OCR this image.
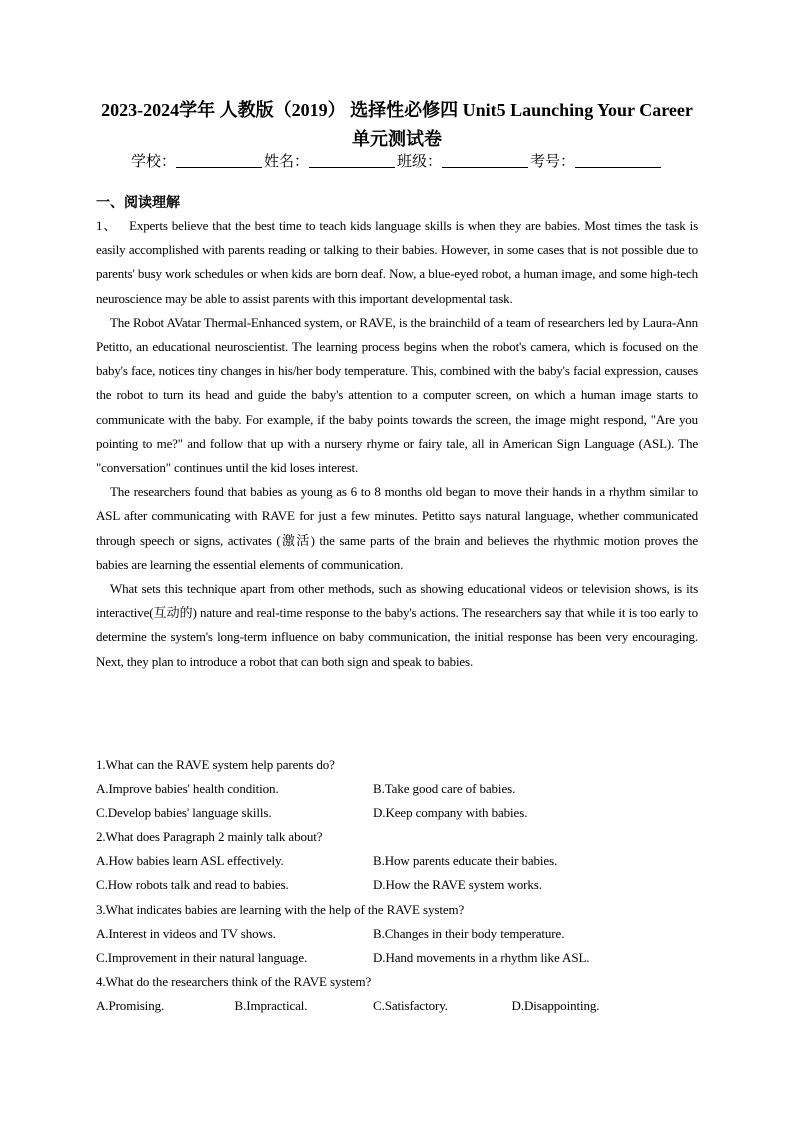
2023-2024学年 人教版（2019） 选择性必修四 Unit5 Launching Your Career 单元测试卷
学校：	姓名：	班级：	考号：
一、阅读理解

1、 Experts believe that the best time to teach kids language skills is when they are babies. Most times the task is easily accomplished with parents reading or talking to their babies. However, in some cases that is not possible due to parents' busy work schedules or when kids are born deaf. Now, a blue-eyed robot, a human image, and some high-tech neuroscience may be able to assist parents with this important developmental task.

The Robot AVatar Thermal-Enhanced system, or RAVE, is the brainchild of a team of researchers led by Laura-Ann Petitto, an educational neuroscientist. The learning process begins when the robot's camera, which is focused on the baby's face, notices tiny changes in his/her body temperature. This, combined with the baby's facial expression, causes the robot to turn its head and guide the baby's attention to a computer screen, on which a human image starts to communicate with the baby. For example, if the baby points towards the screen, the image might respond, "Are you pointing to me?" and follow that up with a nursery rhyme or fairy tale, all in American Sign Language (ASL). The "conversation" continues until the kid loses interest.

The researchers found that babies as young as 6 to 8 months old began to move their hands in a rhythm similar to ASL after communicating with RAVE for just a few minutes. Petitto says natural language, whether communicated through speech or signs, activates (激活) the same parts of the brain and believes the rhythmic motion proves the babies are learning the essential elements of communication.

What sets this technique apart from other methods, such as showing educational videos or television shows, is its interactive(互动的) nature and real-time response to the baby's actions. The researchers say that while it is too early to determine the system's long-term influence on baby communication, the initial response has been very encouraging. Next, they plan to introduce a robot that can both sign and speak to babies.

1.What can the RAVE system help parents do?
A.Improve babies' health condition.	B.Take good care of babies.
C.Develop babies' language skills.	D.Keep company with babies.
2.What does Paragraph 2 mainly talk about?
A.How babies learn ASL effectively.	B.How parents educate their babies.
C.How robots talk and read to babies.	D.How the RAVE system works.
3.What indicates babies are learning with the help of the RAVE system?
A.Interest in videos and TV shows.	B.Changes in their body temperature.
C.Improvement in their natural language.	D.Hand movements in a rhythm like ASL.
4.What do the researchers think of the RAVE system?
A.Promising.	B.Impractical.	C.Satisfactory.	D.Disappointing.
